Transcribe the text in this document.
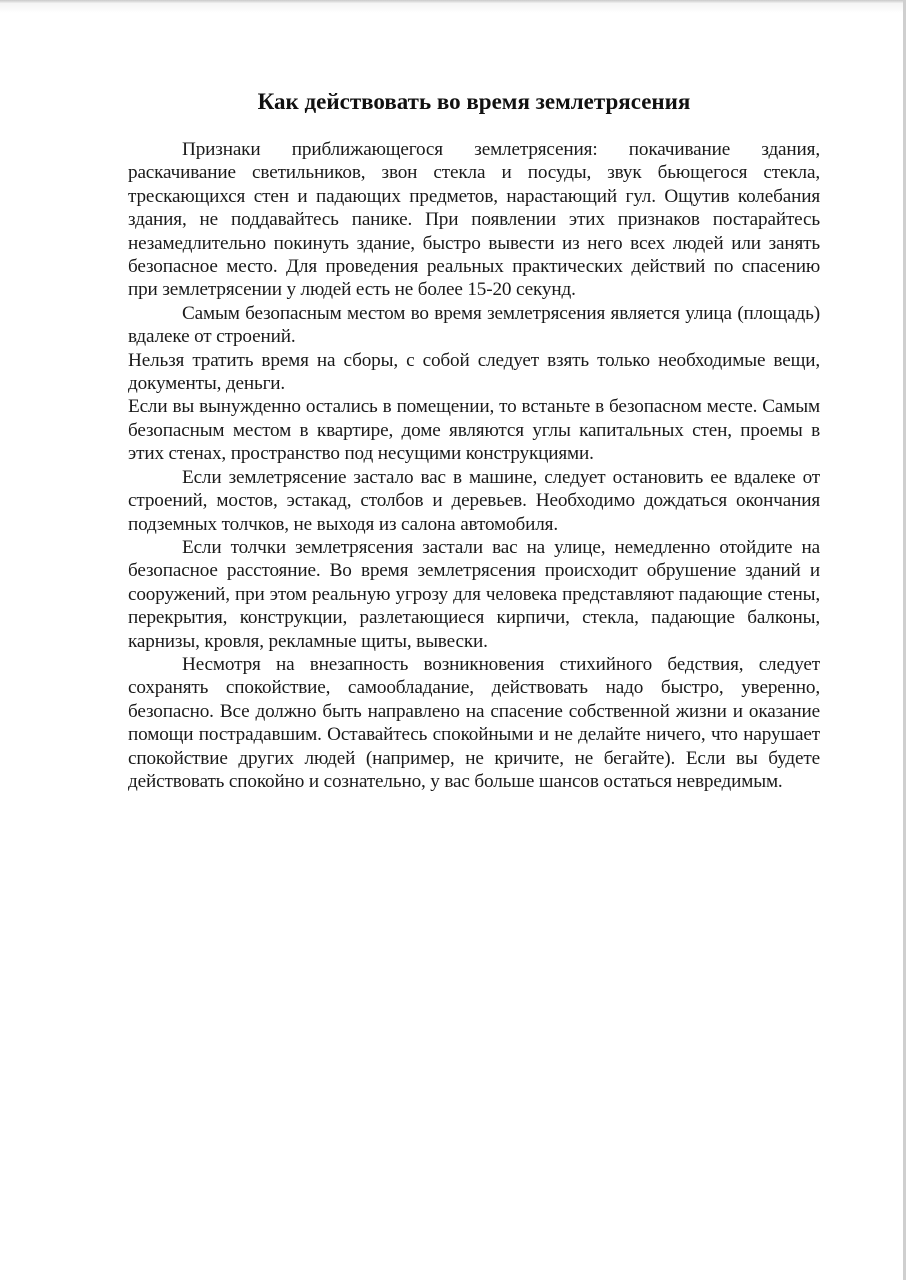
Как действовать во время землетрясения

Признаки приближающегося землетрясения: покачивание здания, раскачивание светильников, звон стекла и посуды, звук бьющегося стекла, трескающихся стен и падающих предметов, нарастающий гул. Ощутив колебания здания, не поддавайтесь панике. При появлении этих признаков постарайтесь незамедлительно покинуть здание, быстро вывести из него всех людей или занять безопасное место. Для проведения реальных практических действий по спасению при землетрясении у людей есть не более 15-20 секунд.

Самым безопасным местом во время землетрясения является улица (площадь) вдалеке от строений.

Нельзя тратить время на сборы, с собой следует взять только необходимые вещи, документы, деньги.

Если вы вынужденно остались в помещении, то встаньте в безопасном месте. Самым безопасным местом в квартире, доме являются углы капитальных стен, проемы в этих стенах, пространство под несущими конструкциями.

Если землетрясение застало вас в машине, следует остановить ее вдалеке от строений, мостов, эстакад, столбов и деревьев. Необходимо дождаться окончания подземных толчков, не выходя из салона автомобиля.

Если толчки землетрясения застали вас на улице, немедленно отойдите на безопасное расстояние. Во время землетрясения происходит обрушение зданий и сооружений, при этом реальную угрозу для человека представляют падающие стены, перекрытия, конструкции, разлетающиеся кирпичи, стекла, падающие балконы, карнизы, кровля, рекламные щиты, вывески.

Несмотря на внезапность возникновения стихийного бедствия, следует сохранять спокойствие, самообладание, действовать надо быстро, уверенно, безопасно. Все должно быть направлено на спасение собственной жизни и оказание помощи пострадавшим. Оставайтесь спокойными и не делайте ничего, что нарушает спокойствие других людей (например, не кричите, не бегайте). Если вы будете действовать спокойно и сознательно, у вас больше шансов остаться невредимым.
